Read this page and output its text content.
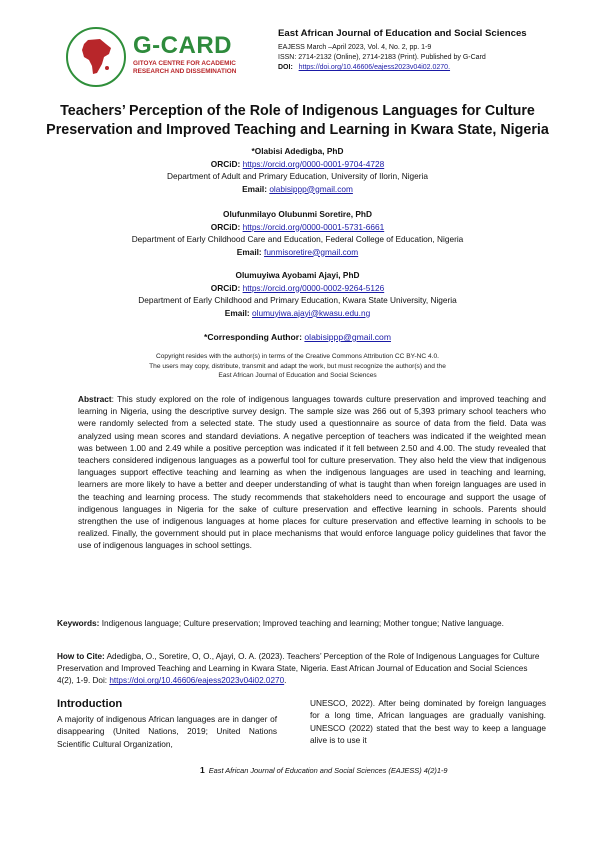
G-CARD
GITOYA CENTRE FOR ACADEMIC
RESEARCH AND DISSEMINATION
East African Journal of Education and Social Sciences
EAJESS March –April 2023, Vol. 4, No. 2, pp. 1-9
ISSN: 2714-2132 (Online), 2714-2183 (Print). Published by G-Card
DOI: https://doi.org/10.46606/eajess2023v04i02.0270.
Teachers’ Perception of the Role of Indigenous Languages for Culture
Preservation and Improved Teaching and Learning in Kwara State, Nigeria
*Olabisi Adedigba, PhD
ORCiD: https://orcid.org/0000-0001-9704-4728
Department of Adult and Primary Education, University of Ilorin, Nigeria
Email: olabisippp@gmail.com
Olufunmilayo Olubunmi Soretire, PhD
ORCiD: https://orcid.org/0000-0001-5731-6661
Department of Early Childhood Care and Education, Federal College of Education, Nigeria
Email: funmisoretire@gmail.com
Olumuyiwa Ayobami Ajayi, PhD
ORCiD: https://orcid.org/0000-0002-9264-5126
Department of Early Childhood and Primary Education, Kwara State University, Nigeria
Email: olumuyiwa.ajayi@kwasu.edu.ng
*Corresponding Author: olabisippp@gmail.com
Copyright resides with the author(s) in terms of the Creative Commons Attribution CC BY-NC 4.0.
The users may copy, distribute, transmit and adapt the work, but must recognize the author(s) and the
East African Journal of Education and Social Sciences
Abstract: This study explored on the role of indigenous languages towards culture preservation and improved teaching and learning in Nigeria, using the descriptive survey design. The sample size was 266 out of 5,393 primary school teachers who were randomly selected from a selected state. The study used a questionnaire as source of data from the field. Data was analyzed using mean scores and standard deviations. A negative perception of teachers was indicated if the weighted mean was between 1.00 and 2.49 while a positive perception was indicated if it fell between 2.50 and 4.00. The study revealed that teachers considered indigenous languages as a powerful tool for culture preservation. They also held the view that indigenous languages support effective teaching and learning as when the indigenous languages are used in teaching and learning, learners are more likely to have a better and deeper understanding of what is taught than when foreign languages are used in the teaching and learning process. The study recommends that stakeholders need to encourage and support the usage of indigenous languages in Nigeria for the sake of culture preservation and effective learning in schools. Parents should strengthen the use of indigenous languages at home places for culture preservation and effective learning in schools to be realized. Finally, the government should put in place mechanisms that would enforce language policy guidelines that favor the use of indigenous languages in school settings.
Keywords: Indigenous language; Culture preservation; Improved teaching and learning; Mother tongue; Native language.
How to Cite: Adedigba, O., Soretire, O, O., Ajayi, O. A. (2023). Teachers’ Perception of the Role of Indigenous Languages for Culture Preservation and Improved Teaching and Learning in Kwara State, Nigeria. East African Journal of Education and Social Sciences 4(2), 1-9. Doi: https://doi.org/10.46606/eajess2023v04i02.0270.
Introduction
A majority of indigenous African languages are in danger of disappearing (United Nations, 2019; United Nations Scientific Cultural Organization,
UNESCO, 2022). After being dominated by foreign languages for a long time, African languages are gradually vanishing. UNESCO (2022) stated that the best way to keep a language alive is to use it
1 East African Journal of Education and Social Sciences (EAJESS) 4(2)1-9
